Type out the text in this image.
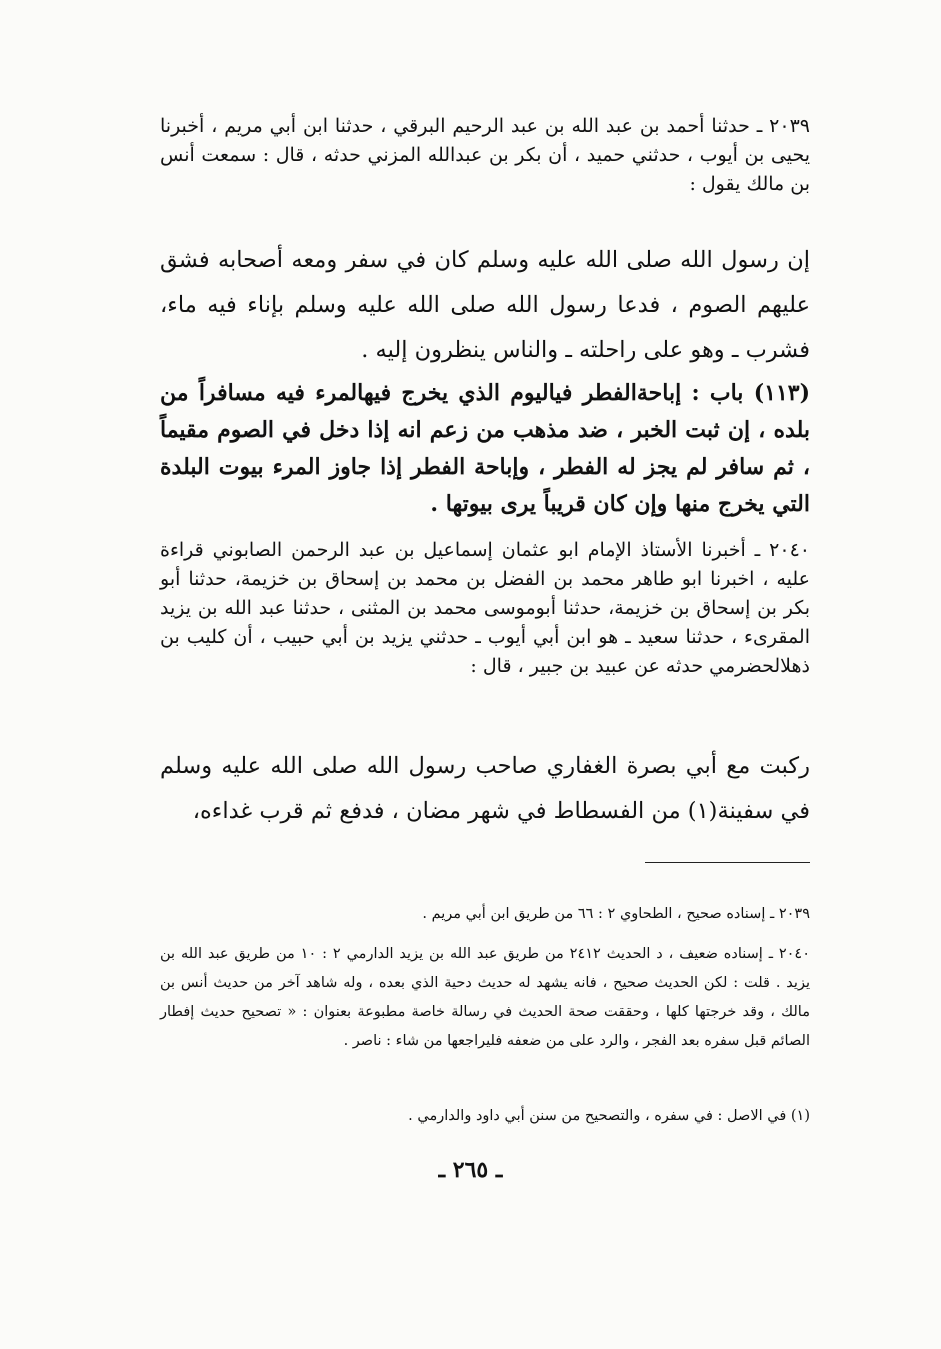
٢٠٣٩ ـ حدثنا أحمد بن عبد الله بن عبد الرحيم البرقي ، حدثنا ابن أبي مريم ، أخبرنا يحيى بن أيوب ، حدثني حميد ، أن بكر بن عبدالله المزني حدثه ، قال : سمعت أنس بن مالك يقول :

إن رسول الله صلى الله عليه وسلم كان في سفر ومعه أصحابه فشق عليهم الصوم ، فدعا رسول الله صلى الله عليه وسلم بإناء فيه ماء، فشرب ـ وهو على راحلته ـ والناس ينظرون إليه .

(١١٣) باب : إباحةالفطر فياليوم الذي يخرج فيهالمرء فيه مسافراً من بلده ، إن ثبت الخبر ، ضد مذهب من زعم انه إذا دخل في الصوم مقيماً ، ثم سافر لم يجز له الفطر ، وإباحة الفطر إذا جاوز المرء بيوت البلدة التي يخرج منها وإن كان قريباً يرى بيوتها .

٢٠٤٠ ـ أخبرنا الأستاذ الإمام ابو عثمان إسماعيل بن عبد الرحمن الصابوني قراءة عليه ، اخبرنا ابو طاهر محمد بن الفضل بن محمد بن إسحاق بن خزيمة، حدثنا أبو بكر بن إسحاق بن خزيمة، حدثنا أبوموسى محمد بن المثنى ، حدثنا عبد الله بن يزيد المقرىء ، حدثنا سعيد ـ هو ابن أبي أيوب ـ حدثني يزيد بن أبي حبيب ، أن كليب بن ذهلالحضرمي حدثه عن عبيد بن جبير ، قال :

ركبت مع أبي بصرة الغفاري صاحب رسول الله صلى الله عليه وسلم في سفينة(١) من الفسطاط في شهر مضان ، فدفع ثم قرب غداءه،

٢٠٣٩ ـ إسناده صحيح ، الطحاوي ٢ : ٦٦ من طريق ابن أبي مريم .

٢٠٤٠ ـ إسناده ضعيف ، د الحديث ٢٤١٢ من طريق عبد الله بن يزيد الدارمي ٢ : ١٠ من طريق عبد الله بن يزيد . قلت : لكن الحديث صحيح ، فانه يشهد له حديث دحية الذي بعده ، وله شاهد آخر من حديث أنس بن مالك ، وقد خرجتها كلها ، وحققت صحة الحديث في رسالة خاصة مطبوعة بعنوان : « تصحيح حديث إفطار الصائم قبل سفره بعد الفجر ، والرد على من ضعفه فليراجعها من شاء : ناصر .

(١) في الاصل : في سفره ، والتصحيح من سنن أبي داود والدارمي .

ـ ٢٦٥ ـ
